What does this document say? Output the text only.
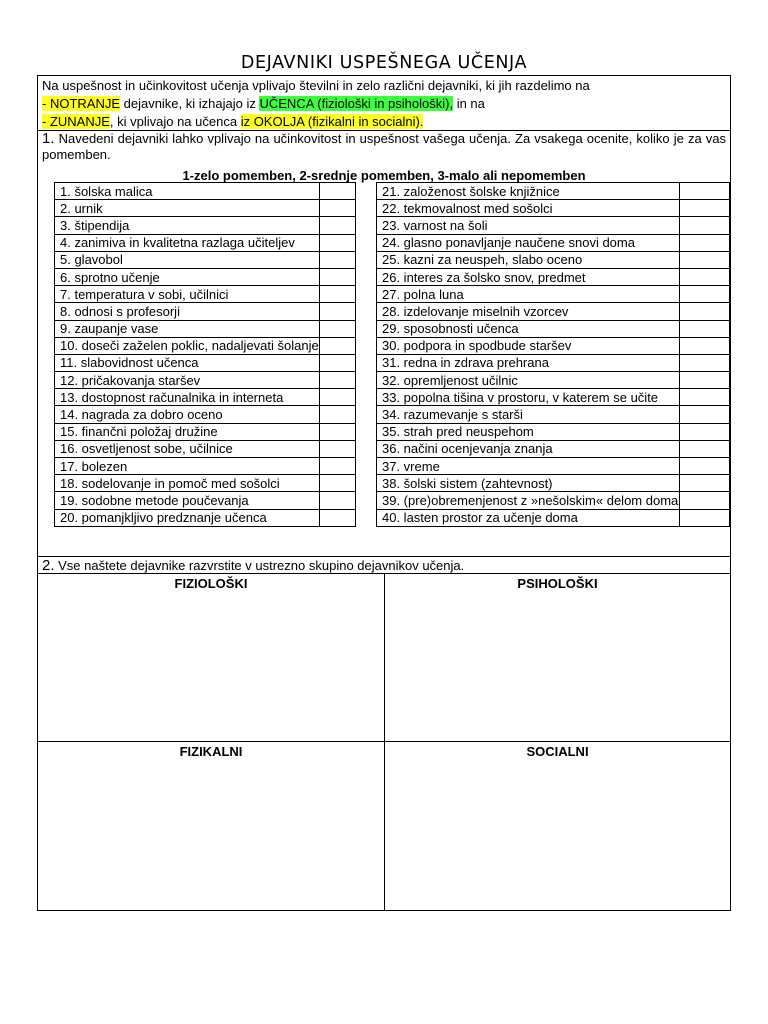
DEJAVNIKI USPEŠNEGA UČENJA
Na uspešnost in učinkovitost učenja vplivajo številni in zelo različni dejavniki, ki jih razdelimo na
- NOTRANJE dejavnike, ki izhajajo iz UČENCA (fiziološki in psihološki), in na
- ZUNANJE, ki vplivajo na učenca iz OKOLJA (fizikalni in socialni).
1. Navedeni dejavniki lahko vplivajo na učinkovitost in uspešnost vašega učenja. Za vsakega ocenite, koliko je za vas pomemben.
1-zelo pomemben, 2-srednje pomemben, 3-malo ali nepomemben
1. šolska malica	
2. urnik	
3. štipendija	
4. zanimiva in kvalitetna razlaga učiteljev	
5. glavobol	
6. sprotno učenje	
7. temperatura v sobi, učilnici	
8. odnosi s profesorji	
9. zaupanje vase	
10. doseči zaželen poklic, nadaljevati šolanje	
11. slabovidnost učenca	
12. pričakovanja staršev	
13. dostopnost računalnika in interneta	
14. nagrada za dobro oceno	
15. finančni položaj družine	
16. osvetljenost sobe, učilnice	
17. bolezen	
18. sodelovanje in pomoč med sošolci	
19. sodobne metode poučevanja	
20. pomanjkljivo predznanje učenca	
21. založenost šolske knjižnice	
22. tekmovalnost med sošolci	
23. varnost na šoli	
24. glasno ponavljanje naučene snovi doma	
25. kazni za neuspeh, slabo oceno	
26. interes za šolsko snov, predmet	
27. polna luna	
28. izdelovanje miselnih vzorcev	
29. sposobnosti učenca	
30. podpora in spodbude staršev	
31. redna in zdrava prehrana	
32. opremljenost učilnic	
33. popolna tišina v prostoru, v katerem se učite	
34. razumevanje s starši	
35. strah pred neuspehom	
36. načini ocenjevanja znanja	
37. vreme	
38. šolski sistem (zahtevnost)	
39. (pre)obremenjenost z »nešolskim« delom doma	
40. lasten prostor za učenje doma	
2. Vse naštete dejavnike razvrstite v ustrezno skupino dejavnikov učenja.
FIZIOLOŠKI	PSIHOLOŠKI
FIZIKALNI	SOCIALNI
